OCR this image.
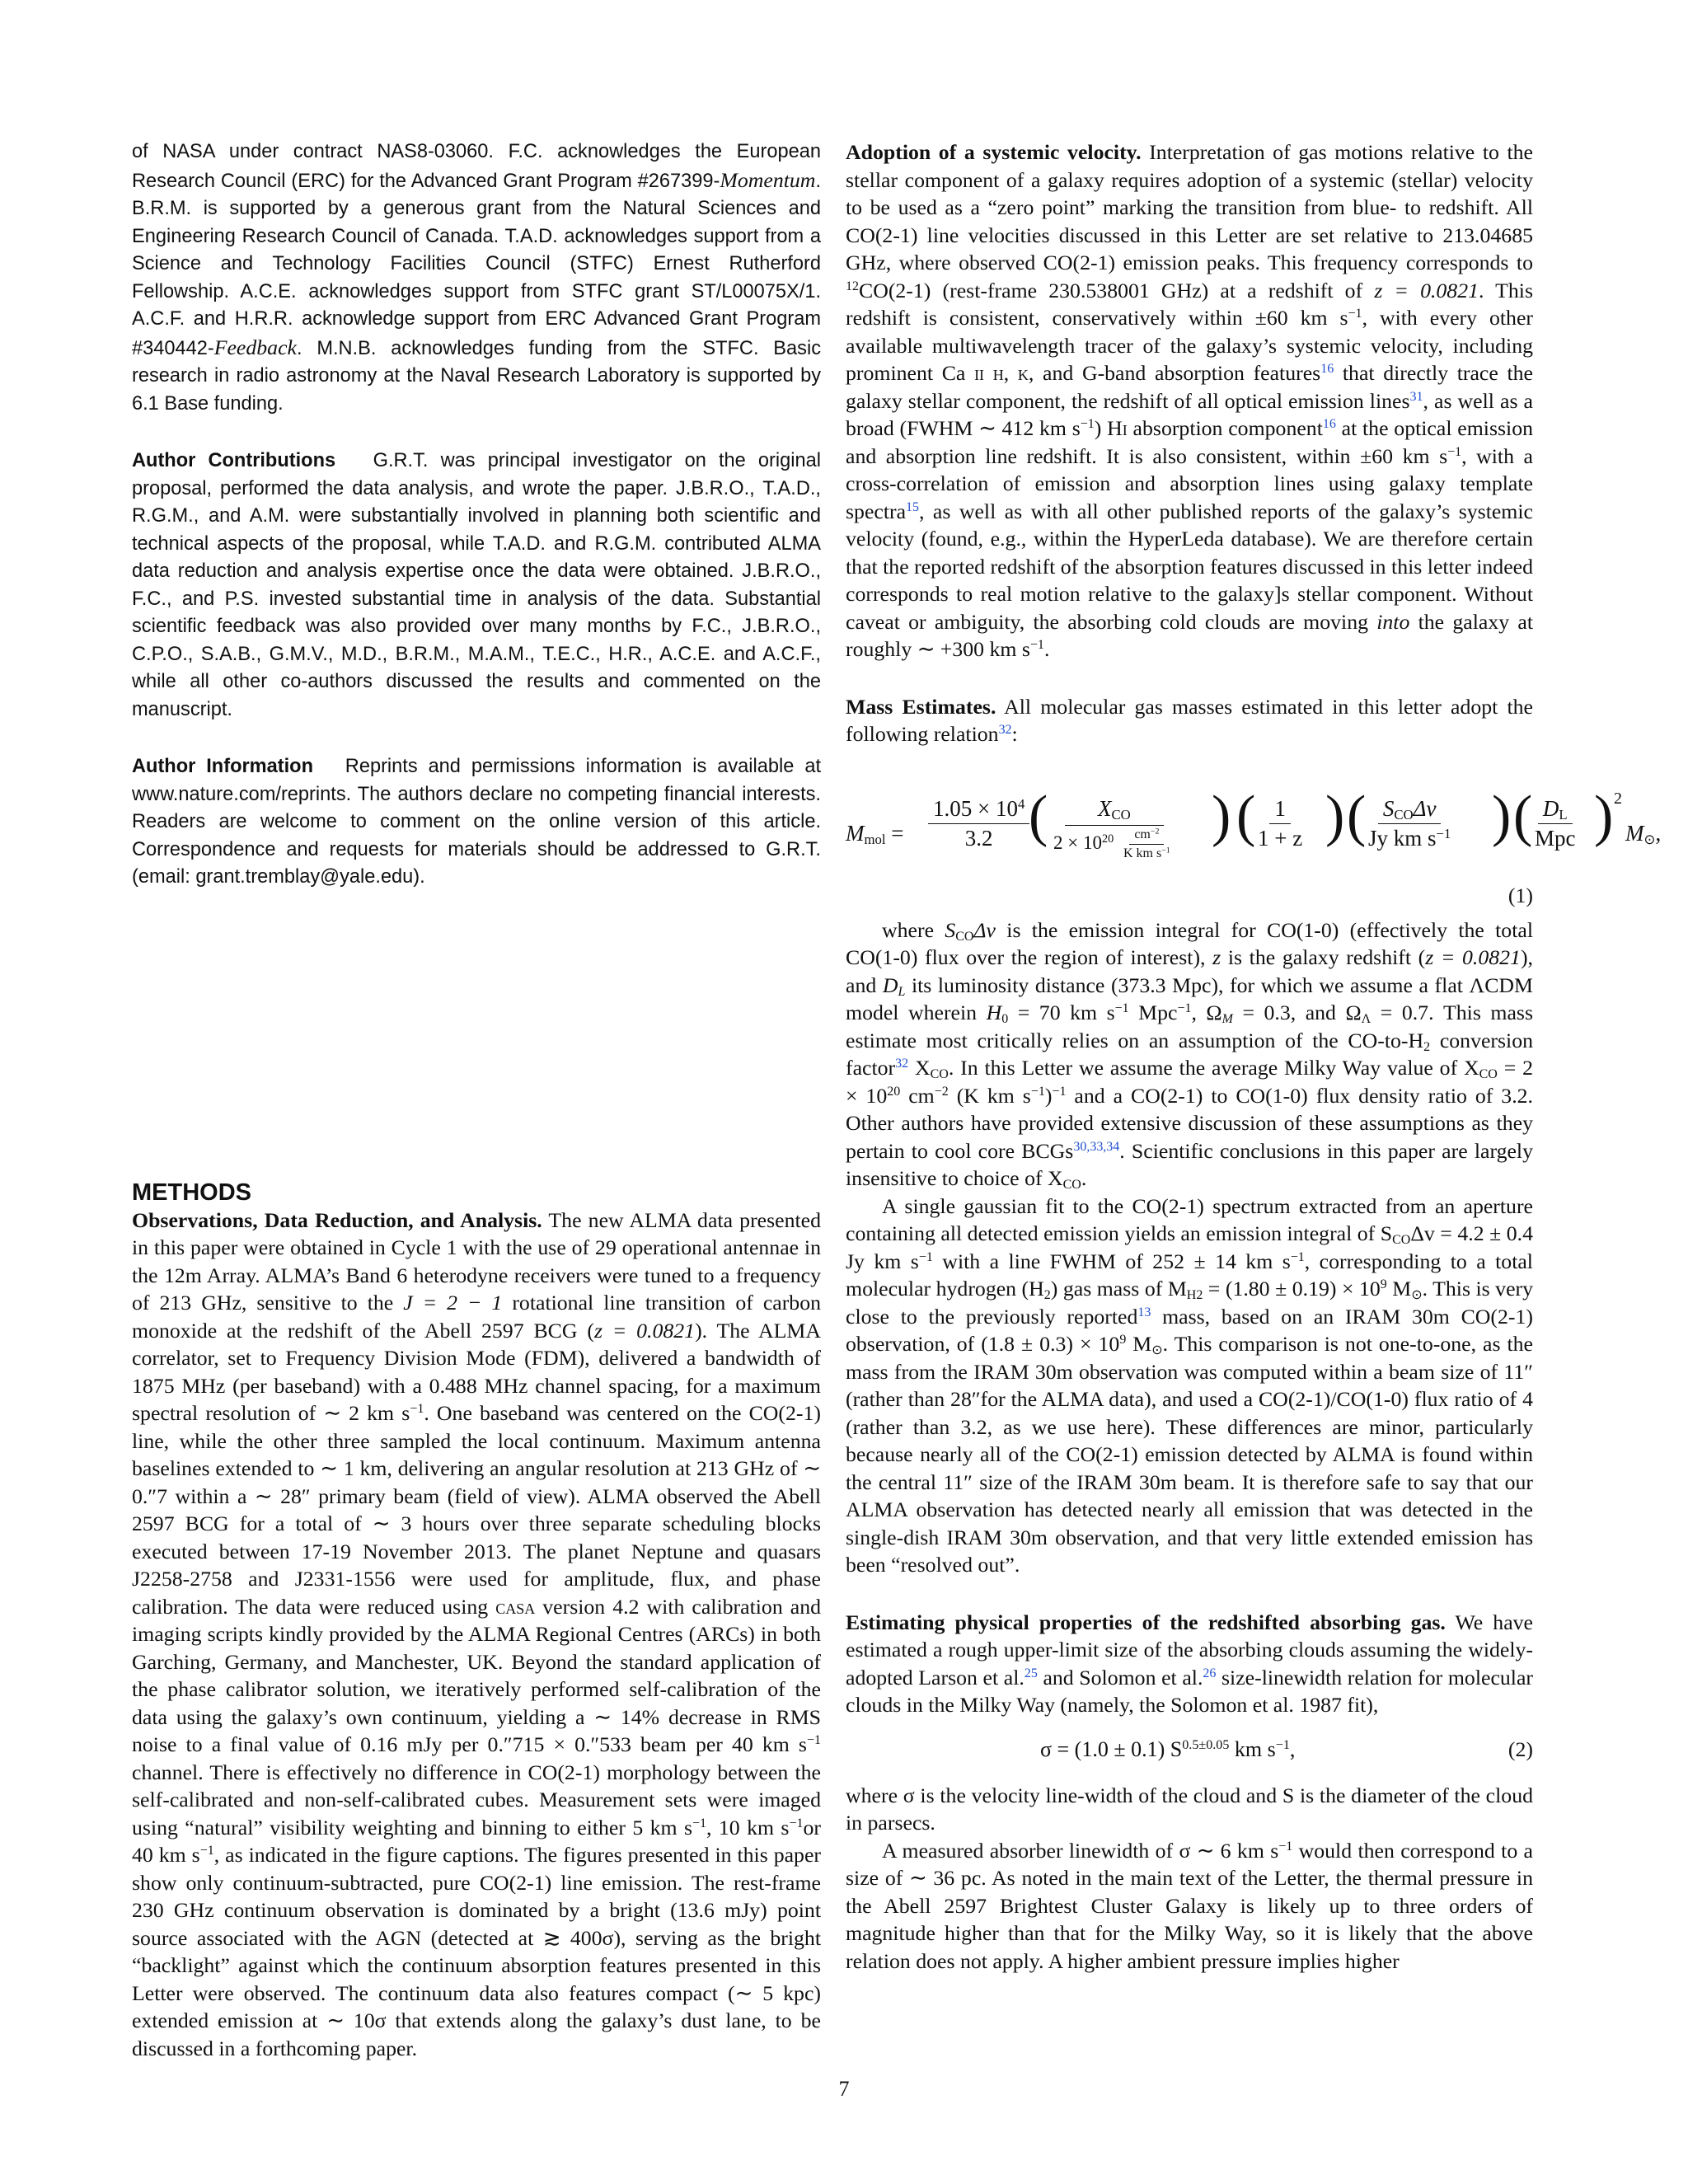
of NASA under contract NAS8-03060. F.C. acknowledges the European Research Council (ERC) for the Advanced Grant Program #267399-Momentum. B.R.M. is supported by a generous grant from the Natural Sciences and Engineering Research Council of Canada. T.A.D. acknowledges support from a Science and Technology Facilities Council (STFC) Ernest Rutherford Fellowship. A.C.E. acknowledges support from STFC grant ST/L00075X/1. A.C.F. and H.R.R. acknowledge support from ERC Advanced Grant Program #340442-Feedback. M.N.B. acknowledges funding from the STFC. Basic research in radio astronomy at the Naval Research Laboratory is supported by 6.1 Base funding.

Author Contributions G.R.T. was principal investigator on the original proposal, performed the data analysis, and wrote the paper. J.B.R.O., T.A.D., R.G.M., and A.M. were substantially involved in planning both scientific and technical aspects of the proposal, while T.A.D. and R.G.M. contributed ALMA data reduction and analysis expertise once the data were obtained. J.B.R.O., F.C., and P.S. invested substantial time in analysis of the data. Substantial scientific feedback was also provided over many months by F.C., J.B.R.O., C.P.O., S.A.B., G.M.V., M.D., B.R.M., M.A.M., T.E.C., H.R., A.C.E. and A.C.F., while all other co-authors discussed the results and commented on the manuscript.

Author Information Reprints and permissions information is available at www.nature.com/reprints. The authors declare no competing financial interests. Readers are welcome to comment on the online version of this article. Correspondence and requests for materials should be addressed to G.R.T. (email: grant.tremblay@yale.edu).

METHODS

Observations, Data Reduction, and Analysis. The new ALMA data presented in this paper were obtained in Cycle 1 with the use of 29 operational antennae in the 12m Array. ALMA’s Band 6 heterodyne receivers were tuned to a frequency of 213 GHz, sensitive to the J = 2 − 1 rotational line transition of carbon monoxide at the redshift of the Abell 2597 BCG (z = 0.0821). The ALMA correlator, set to Frequency Division Mode (FDM), delivered a bandwidth of 1875 MHz (per baseband) with a 0.488 MHz channel spacing, for a maximum spectral resolution of ∼ 2 km $s^{-1}$. One baseband was centered on the CO(2-1) line, while the other three sampled the local continuum. Maximum antenna baselines extended to ∼ 1 km, delivering an angular resolution at 213 GHz of ∼ 0.″7 within a ∼ 28″ primary beam (field of view). ALMA observed the Abell 2597 BCG for a total of ∼ 3 hours over three separate scheduling blocks executed between 17-19 November 2013. The planet Neptune and quasars J2258-2758 and J2331-1556 were used for amplitude, flux, and phase calibration. The data were reduced using casa version 4.2 with calibration and imaging scripts kindly provided by the ALMA Regional Centres (ARCs) in both Garching, Germany, and Manchester, UK. Beyond the standard application of the phase calibrator solution, we iteratively performed self-calibration of the data using the galaxy’s own continuum, yielding a ∼ 14% decrease in RMS noise to a final value of 0.16 mJy per 0.″715 × 0.″533 beam per 40 km $s^{-1}$ channel. There is effectively no difference in CO(2-1) morphology between the self-calibrated and non-self-calibrated cubes. Measurement sets were imaged using “natural” visibility weighting and binning to either 5 km $s^{-1}$, 10 km $s^{-1}or$ 40 km $s^{-1}$, as indicated in the figure captions. The figures presented in this paper show only continuum-subtracted, pure CO(2-1) line emission. The rest-frame 230 GHz continuum observation is dominated by a bright (13.6 mJy) point source associated with the AGN (detected at ≳ 400σ), serving as the bright “backlight” against which the continuum absorption features presented in this Letter were observed. The continuum data also features compact (∼ 5 kpc) extended emission at ∼ 10σ that extends along the galaxy’s dust lane, to be discussed in a forthcoming paper.

Adoption of a systemic velocity. Interpretation of gas motions relative to the stellar component of a galaxy requires adoption of a systemic (stellar) velocity to be used as a “zero point” marking the transition from blue- to redshift. All CO(2-1) line velocities discussed in this Letter are set relative to 213.04685 GHz, where observed CO(2-1) emission peaks. This frequency corresponds to $^{12}$CO(2-1) (rest-frame 230.538001 GHz) at a redshift of z = 0.0821. This redshift is consistent, conservatively within ±60 km $s^{-1}$, with every other available multiwavelength tracer of the galaxy’s systemic velocity, including prominent Ca ii h, k, and G-band absorption features$^{16}$ that directly trace the galaxy stellar component, the redshift of all optical emission lines$^{31}$, as well as a broad (FWHM ∼ 412 km $s^{-1}$) Hi absorption component$^{16}$ at the optical emission and absorption line redshift. It is also consistent, within ±60 km $s^{-1}$, with a cross-correlation of emission and absorption lines using galaxy template spectra$^{15}$, as well as with all other published reports of the galaxy’s systemic velocity (found, e.g., within the HyperLeda database). We are therefore certain that the reported redshift of the absorption features discussed in this letter indeed corresponds to real motion relative to the galaxy]s stellar component. Without caveat or ambiguity, the absorbing cold clouds are moving into the galaxy at roughly ∼ +300 km $s^{-1}$.

Mass Estimates. All molecular gas masses estimated in this letter adopt the following relation$^{32}$:

$M_{mol} = \frac{1.05 \times 10^4}{3.2}$
( $\frac{X_{CO}}{2 \times 10^{20} \frac{cm^{-2}}{K km s^{-1}}}$ ) (
$\frac{1}{1 + z}$ ) (
$\frac{S_{CO}\Delta v}{Jy km s^{-1}}$ ) (
$\frac{D_L}{\text{Mpc}}$ ) 2
$M_⊙$,
(1)

where $S_{CO}\Delta v$ is the emission integral for CO(1-0) (effectively the total CO(1-0) flux over the region of interest), z is the galaxy redshift (z = 0.0821), and $D_L$ its luminosity distance (373.3 Mpc), for which we assume a flat ΛCDM model wherein $H_0 = 70$ km $s^{-1}$ Mpc$^{-1}$, $\Omega_M = 0.3$, and $\Omega_\Lambda = 0.7$. This mass estimate most critically relies on an assumption of the $CO-to-H_2$ conversion factor$^{32}$ $X_{CO}$. In this Letter we assume the average Milky Way value of $X_{CO} = 2 \times 10^{20}$ $cm^{-2}$ (K km $s^{-1})^{-1}$ and a CO(2-1) to CO(1-0) flux density ratio of 3.2. Other authors have provided extensive discussion of these assumptions as they pertain to cool core BCGs$^{30,33,34}$. Scientific conclusions in this paper are largely insensitive to choice of $X_{CO}$.

A single gaussian fit to the CO(2-1) spectrum extracted from an aperture containing all detected emission yields an emission integral of $S_{CO}\Delta v = 4.2 \pm 0.4$ Jy km $s^{-1}$ with a line FWHM of 252 ± 14 km $s^{-1}$, corresponding to a total molecular hydrogen $(H_2)$ gas mass of $M_{H2} = (1.80 \pm 0.19) \times 10^9$ $M_⊙$. This is very close to the previously reported$^{13}$ mass, based on an IRAM 30m CO(2-1) observation, of $(1.8 \pm 0.3) \times 10^9$ $M_⊙$. This comparison is not one-to-one, as the mass from the IRAM 30m observation was computed within a beam size of 11″ (rather than 28″for the ALMA data), and used a CO(2-1)/CO(1-0) flux ratio of 4 (rather than 3.2, as we use here). These differences are minor, particularly because nearly all of the CO(2-1) emission detected by ALMA is found within the central 11″ size of the IRAM 30m beam. It is therefore safe to say that our ALMA observation has detected nearly all emission that was detected in the single-dish IRAM 30m observation, and that very little extended emission has been “resolved out”.

Estimating physical properties of the redshifted absorbing gas. We have estimated a rough upper-limit size of the absorbing clouds assuming the widely-adopted Larson et al.$^{25}$ and Solomon et al.$^{26}$ size-linewidth relation for molecular clouds in the Milky Way (namely, the Solomon et al. 1987 fit),

σ = (1.0 ± 0.1) $S^{0.5\pm 0.05}$ km $s^{-1}$,	(2)

where σ is the velocity line-width of the cloud and S is the diameter of the cloud in parsecs.

A measured absorber linewidth of σ ∼ 6 km $s^{-1}$ would then correspond to a size of ∼ 36 pc. As noted in the main text of the Letter, the thermal pressure in the Abell 2597 Brightest Cluster Galaxy is likely up to three orders of magnitude higher than that for the Milky Way, so it is likely that the above relation does not apply. A higher ambient pressure implies higher

7
